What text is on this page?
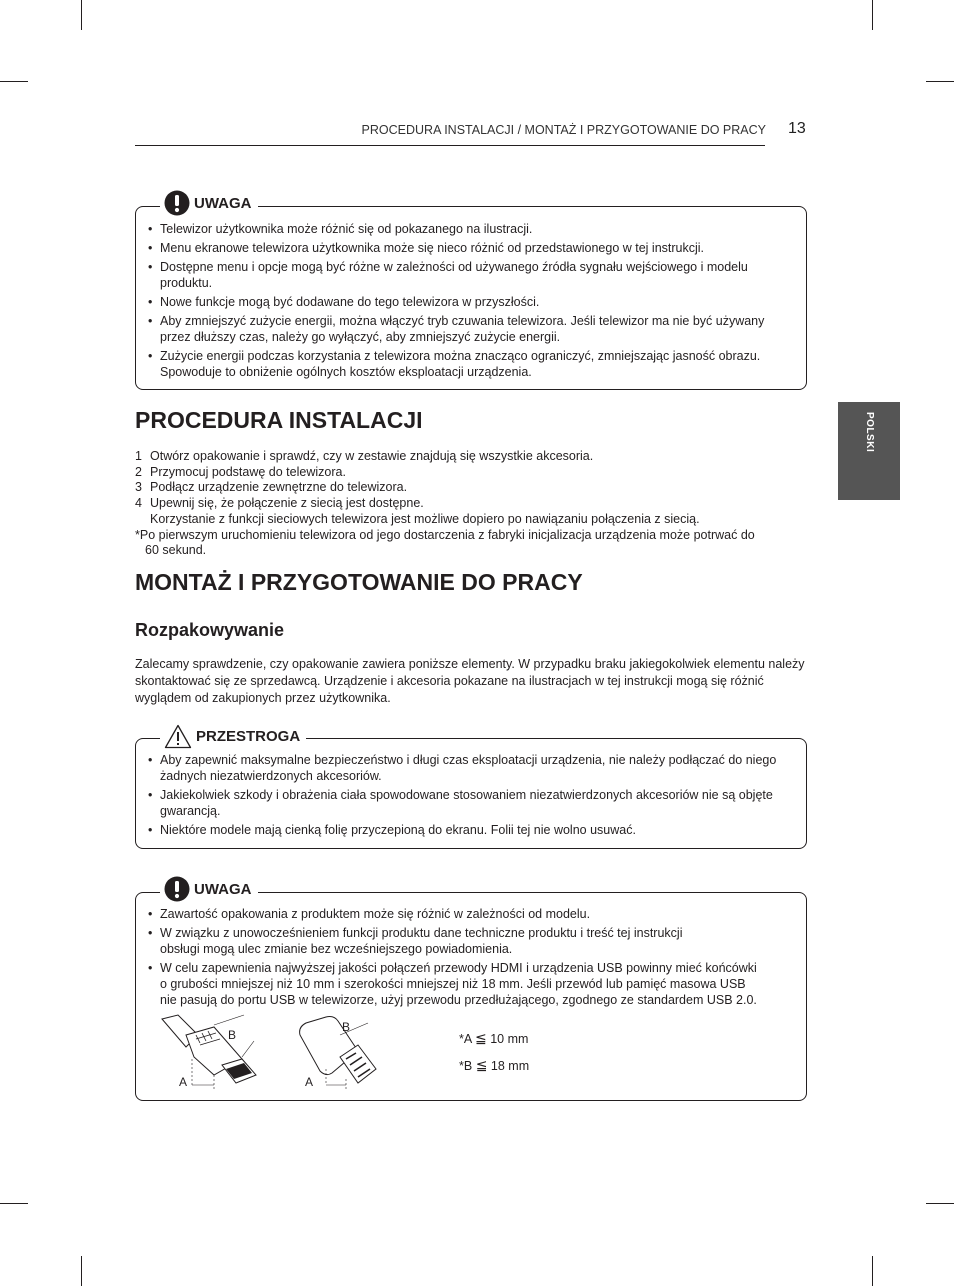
PROCEDURA INSTALACJI / MONTAŻ I PRZYGOTOWANIE DO PRACY 13
POLSKI
UWAGA
• Telewizor użytkownika może różnić się od pokazanego na ilustracji.
• Menu ekranowe telewizora użytkownika może się nieco różnić od przedstawionego w tej instrukcji.
• Dostępne menu i opcje mogą być różne w zależności od używanego źródła sygnału wejściowego i modelu produktu.
• Nowe funkcje mogą być dodawane do tego telewizora w przyszłości.
• Aby zmniejszyć zużycie energii, można włączyć tryb czuwania telewizora. Jeśli telewizor ma nie być używany przez dłuższy czas, należy go wyłączyć, aby zmniejszyć zużycie energii.
• Zużycie energii podczas korzystania z telewizora można znacząco ograniczyć, zmniejszając jasność obrazu. Spowoduje to obniżenie ogólnych kosztów eksploatacji urządzenia.
PROCEDURA INSTALACJI
1 Otwórz opakowanie i sprawdź, czy w zestawie znajdują się wszystkie akcesoria.
2 Przymocuj podstawę do telewizora.
3 Podłącz urządzenie zewnętrzne do telewizora.
4 Upewnij się, że połączenie z siecią jest dostępne.
Korzystanie z funkcji sieciowych telewizora jest możliwe dopiero po nawiązaniu połączenia z siecią.
*Po pierwszym uruchomieniu telewizora od jego dostarczenia z fabryki inicjalizacja urządzenia może potrwać do
60 sekund.
MONTAŻ I PRZYGOTOWANIE DO PRACY
Rozpakowywanie

Zalecamy sprawdzenie, czy opakowanie zawiera poniższe elementy. W przypadku braku jakiegokolwiek elementu należy skontaktować się ze sprzedawcą. Urządzenie i akcesoria pokazane na ilustracjach w tej instrukcji mogą się różnić wyglądem od zakupionych przez użytkownika.

PRZESTROGA
• Aby zapewnić maksymalne bezpieczeństwo i długi czas eksploatacji urządzenia, nie należy podłączać do niego żadnych niezatwierdzonych akcesoriów.
• Jakiekolwiek szkody i obrażenia ciała spowodowane stosowaniem niezatwierdzonych akcesoriów nie są objęte gwarancją.
• Niektóre modele mają cienką folię przyczepioną do ekranu. Folii tej nie wolno usuwać.
UWAGA
• Zawartość opakowania z produktem może się różnić w zależności od modelu.
• W związku z unowocześnieniem funkcji produktu dane techniczne produktu i treść tej instrukcji
obsługi mogą ulec zmianie bez wcześniejszego powiadomienia.
• W celu zapewnienia najwyższej jakości połączeń przewody HDMI i urządzenia USB powinny mieć końcówki
o grubości mniejszej niż 10 mm i szerokości mniejszej niż 18 mm. Jeśli przewód lub pamięć masowa USB
nie pasują do portu USB w telewizorze, użyj przewodu przedłużającego, zgodnego ze standardem USB 2.0.
B
A
B
A
*A ≦ 10 mm
*B ≦ 18 mm
